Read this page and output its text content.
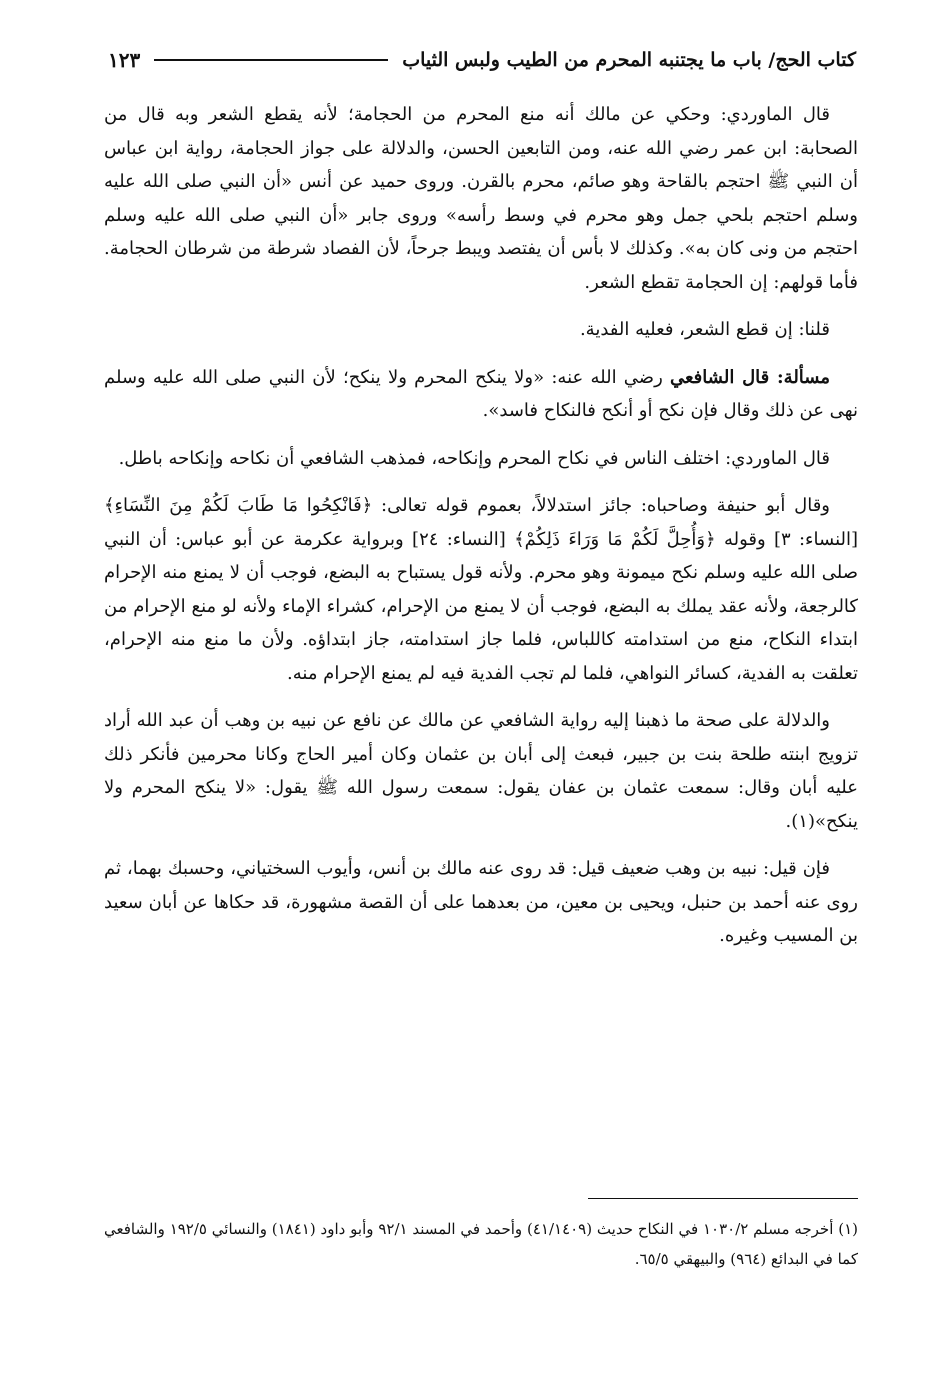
كتاب الحج/ باب ما يجتنبه المحرم من الطيب ولبس الثياب
١٢٣

قال الماوردي: وحكي عن مالك أنه منع المحرم من الحجامة؛ لأنه يقطع الشعر وبه قال من الصحابة: ابن عمر رضي الله عنه، ومن التابعين الحسن، والدلالة على جواز الحجامة، رواية ابن عباس أن النبي ﷺ احتجم بالقاحة وهو صائم، محرم بالقرن. وروى حميد عن أنس «أن النبي صلى الله عليه وسلم احتجم بلحي جمل وهو محرم في وسط رأسه» وروى جابر «أن النبي صلى الله عليه وسلم احتجم من ونى كان به». وكذلك لا بأس أن يفتصد ويبط جرحاً، لأن الفصاد شرطة من شرطان الحجامة. فأما قولهم: إن الحجامة تقطع الشعر.

قلنا: إن قطع الشعر، فعليه الفدية.

مسألة: قال الشافعي رضي الله عنه: «ولا ينكح المحرم ولا ينكح؛ لأن النبي صلى الله عليه وسلم نهى عن ذلك وقال فإن نكح أو أنكح فالنكاح فاسد».

قال الماوردي: اختلف الناس في نكاح المحرم وإنكاحه، فمذهب الشافعي أن نكاحه وإنكاحه باطل.

وقال أبو حنيفة وصاحباه: جائز استدلالاً، بعموم قوله تعالى: ﴿فَانْكِحُوا مَا طَابَ لَكُمْ مِنَ النِّسَاءِ﴾ [النساء: ٣] وقوله ﴿وَأُحِلَّ لَكُمْ مَا وَرَاءَ ذَلِكُمْ﴾ [النساء: ٢٤] وبرواية عكرمة عن أبو عباس: أن النبي صلى الله عليه وسلم نكح ميمونة وهو محرم. ولأنه قول يستباح به البضع، فوجب أن لا يمنع منه الإحرام كالرجعة، ولأنه عقد يملك به البضع، فوجب أن لا يمنع من الإحرام، كشراء الإماء ولأنه لو منع الإحرام من ابتداء النكاح، منع من استدامته كاللباس، فلما جاز استدامته، جاز ابتداؤه. ولأن ما منع منه الإحرام، تعلقت به الفدية، كسائر النواهي، فلما لم تجب الفدية فيه لم يمنع الإحرام منه.

والدلالة على صحة ما ذهبنا إليه رواية الشافعي عن مالك عن نافع عن نبيه بن وهب أن عبد الله أراد تزويج ابنته طلحة بنت بن جبير، فبعث إلى أبان بن عثمان وكان أمير الحاج وكانا محرمين فأنكر ذلك عليه أبان وقال: سمعت عثمان بن عفان يقول: سمعت رسول الله ﷺ يقول: «لا ينكح المحرم ولا ينكح»(١).

فإن قيل: نبيه بن وهب ضعيف قيل: قد روى عنه مالك بن أنس، وأيوب السختياني، وحسبك بهما، ثم روى عنه أحمد بن حنبل، ويحيى بن معين، من بعدهما على أن القصة مشهورة، قد حكاها عن أبان سعيد بن المسيب وغيره.

(١) أخرجه مسلم ١٠٣٠/٢ في النكاح حديث (٤١/١٤٠٩) وأحمد في المسند ٩٢/١ وأبو داود (١٨٤١) والنسائي ١٩٢/٥ والشافعي كما في البدائع (٩٦٤) والبيهقي ٦٥/٥.
